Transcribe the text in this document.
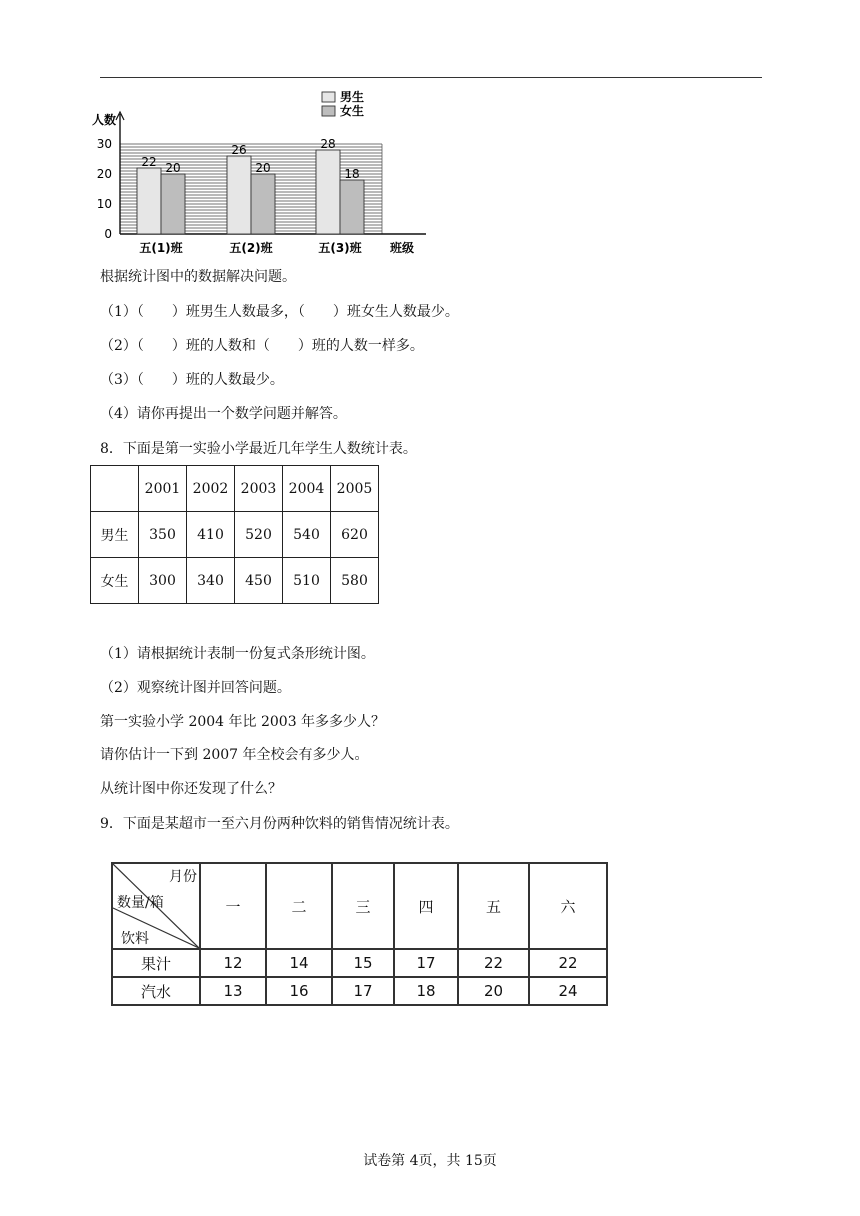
0
10
20
30
人数
22 20
五(1)班
26
20
五(2)班
28
18
五(3)班 班级
男生
女生
根据统计图中的数据解决问题。
（1）（　　）班男生人数最多，（　　）班女生人数最少。
（2）（　　）班的人数和（　　）班的人数一样多。
（3）（　　）班的人数最少。
（4）请你再提出一个数学问题并解答。
8．下面是第一实验小学最近几年学生人数统计表。
	2001	2002	2003	2004	2005
男生	350	410	520	540	620
女生	300	340	450	510	580
（1）请根据统计表制一份复式条形统计图。
（2）观察统计图并回答问题。
第一实验小学 2004 年比 2003 年多多少人？
请你估计一下到 2007 年全校会有多少人。
从统计图中你还发现了什么？
9．下面是某超市一至六月份两种饮料的销售情况统计表。
月份
数量/箱
饮料	一	二	三	四	五	六
果汁	12	14	15	17	22	22
汽水	13	16	17	18	20	24
试卷第 4页，共 15页
